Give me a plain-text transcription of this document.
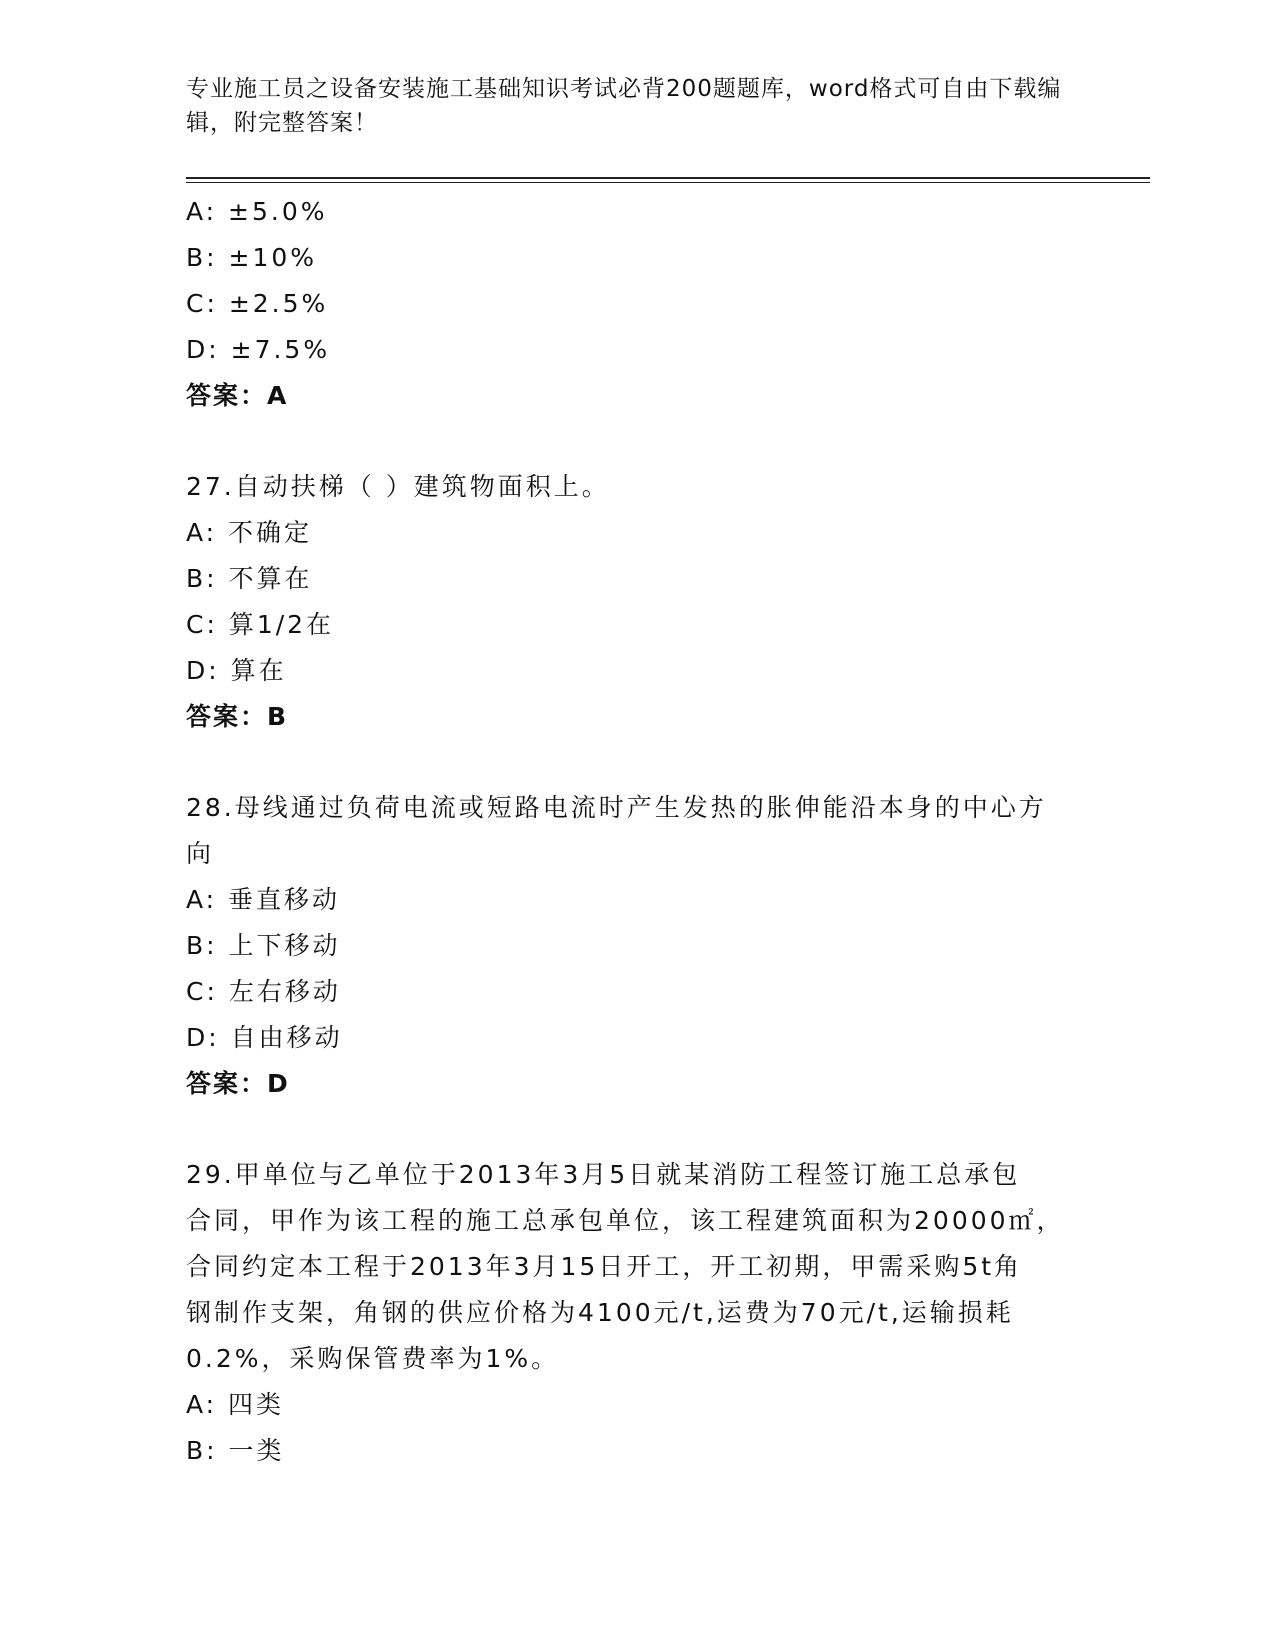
专业施工员之设备安装施工基础知识考试必背200题题库，word格式可自由下载编辑，附完整答案！
A: ±5.0%
B: ±10%
C: ±2.5%
D: ±7.5%
答案：A
27.自动扶梯（ ）建筑物面积上。
A: 不确定
B: 不算在
C: 算1/2在
D: 算在
答案：B
28.母线通过负荷电流或短路电流时产生发热的胀伸能沿本身的中心方
向
A: 垂直移动
B: 上下移动
C: 左右移动
D: 自由移动
答案：D
29.甲单位与乙单位于2013年3月5日就某消防工程签订施工总承包
合同，甲作为该工程的施工总承包单位，该工程建筑面积为20000㎡，
合同约定本工程于2013年3月15日开工，开工初期，甲需采购5t角
钢制作支架，角钢的供应价格为4100元/t,运费为70元/t,运输损耗
0.2%，采购保管费率为1%。
A: 四类
B: 一类
